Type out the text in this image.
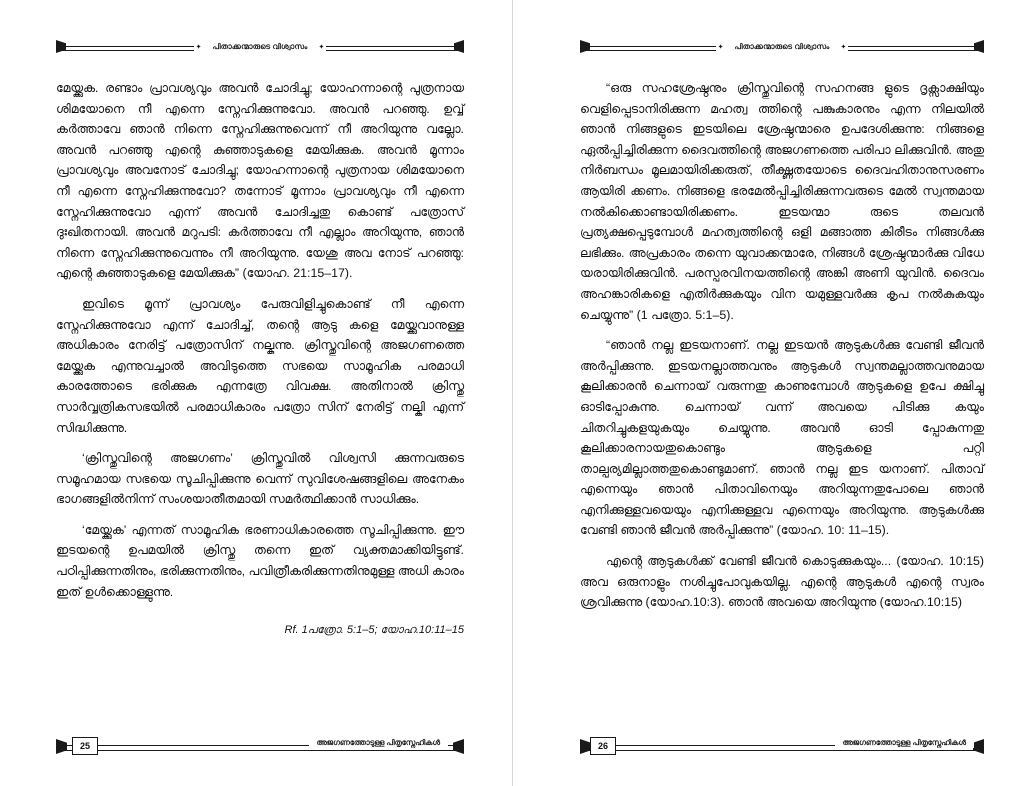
✦	പിതാക്കന്മാരുടെ വിശ്വാസം	✦

മേയ്ക്കുക. രണ്ടാം പ്രാവശ്യവും അവൻ ചോദിച്ചു; യോഹന്നാന്റെ പുത്രനായ ശിമയോനെ നീ എന്നെ സ്നേഹിക്കുന്നുവോ. അവൻ പറഞ്ഞു. ഉവ്വ് കർത്താവേ ഞാൻ നിന്നെ സ്നേഹിക്കുന്നുവെന്ന് നീ അറിയുന്നു വല്ലോ. അവൻ പറഞ്ഞു എന്റെ കുഞ്ഞാടുകളെ മേയിക്കുക. അവൻ മൂന്നാം പ്രാവശ്യവും അവനോട് ചോദിച്ചു; യോഹന്നാന്റെ പുത്രനായ ശിമയോനെ നീ എന്നെ സ്നേഹിക്കുന്നുവോ? തന്നോട് മൂന്നാം പ്രാവശ്യവും നീ എന്നെ സ്നേഹിക്കുന്നുവോ എന്ന് അവൻ ചോദിച്ചതു കൊണ്ട് പത്രോസ് ദുഃഖിതനായി. അവൻ മറുപടി: കർത്താവേ നീ എല്ലാം അറിയുന്നു, ഞാൻ നിന്നെ സ്നേഹിക്കുന്നുവെന്നും നീ അറിയുന്നു. യേശു അവ നോട് പറഞ്ഞു: എന്റെ കുഞ്ഞാടുകളെ മേയിക്കുക” (യോഹ. 21:15–17).

ഇവിടെ മൂന്ന് പ്രാവശ്യം പേരുവിളിച്ചുകൊണ്ട് നീ എന്നെ സ്നേഹിക്കുന്നുവോ എന്ന് ചോദിച്ച്, തന്റെ ആടു കളെ മേയ്ക്കുവാനുള്ള അധികാരം നേരിട്ട് പത്രോസിന് നല്കുന്നു. ക്രിസ്തുവിന്റെ അജഗണത്തെ മേയ്ക്കുക എന്നുവച്ചാൽ അവിടുത്തെ സഭയെ സാമൂഹിക പരമാധി കാരത്തോടെ ഭരിക്കുക എന്നത്രേ വിവക്ഷ. അതിനാൽ ക്രിസ്തു സാർവ്വത്രികസഭയിൽ പരമാധികാരം പത്രോ സിന് നേരിട്ട് നല്കി എന്ന് സിദ്ധിക്കുന്നു.

‘ക്രിസ്തുവിന്റെ അജഗണം’ ക്രിസ്തുവിൽ വിശ്വസി ക്കുന്നവരുടെ സമൂഹമായ സഭയെ സൂചിപ്പിക്കുന്നു വെന്ന് സുവിശേഷങ്ങളിലെ അനേകം ഭാഗങ്ങളിൽനിന്ന് സംശയാതീതമായി സമർത്ഥിക്കാൻ സാധിക്കും.

‘മേയ്ക്കുക’ എന്നത് സാമൂഹിക ഭരണാധികാരത്തെ സൂചിപ്പിക്കുന്നു. ഈ ഇടയന്റെ ഉപമയിൽ ക്രിസ്തു തന്നെ ഇത് വ്യക്തമാക്കിയിട്ടുണ്ട്. പഠിപ്പിക്കുന്നതിനും, ഭരിക്കുന്നതിനും, പവിത്രീകരിക്കുന്നതിനുമുള്ള അധി കാരം ഇത് ഉൾക്കൊള്ളുന്നു.

Rf. 1പത്രോ. 5:1–5; യോഹ.10:11–15
അജഗണത്തോടുള്ള പിതൃസ്നേഹികൾ
25
✦	പിതാക്കന്മാരുടെ വിശ്വാസം	✦

“ഒരു സഹശ്രേഷ്ഠനും ക്രിസ്തുവിന്റെ സഹനങ്ങ ളുടെ ദൃക്സാക്ഷിയും വെളിപ്പെടാനിരിക്കുന്ന മഹത്വ ത്തിന്റെ പങ്കുകാരനും എന്ന നിലയിൽ ഞാൻ നിങ്ങളുടെ ഇടയിലെ ശ്രേഷ്ഠന്മാരെ ഉപദേശിക്കുന്നു: നിങ്ങളെ ഏൽപ്പിച്ചിരിക്കുന്ന ദൈവത്തിന്റെ അജഗണത്തെ പരിപാ ലിക്കുവിൻ. അതു നിർബന്ധം മൂലമായിരിക്കരുത്, തീക്ഷ്ണതയോടെ ദൈവഹിതാനുസരണം ആയിരി ക്കണം. നിങ്ങളെ ഭരമേൽപ്പിച്ചിരിക്കുന്നവരുടെ മേൽ സ്വന്തമായ നൽകിക്കൊണ്ടായിരിക്കണം. ഇടയന്മാ രുടെ തലവൻ പ്രത്യക്ഷപ്പെടുമ്പോൾ മഹത്വത്തിന്റെ ഒളി മങ്ങാത്ത കിരീടം നിങ്ങൾക്കു ലഭിക്കും. അപ്രകാരം തന്നെ യുവാക്കന്മാരേ, നിങ്ങൾ ശ്രേഷ്ഠന്മാർക്കു വിധേ യരായിരിക്കുവിൻ. പരസ്പരവിനയത്തിന്റെ അങ്കി അണി യുവിൻ. ദൈവം അഹങ്കാരികളെ എതിർക്കുകയും വിന യമുള്ളവർക്കു കൃപ നൽകുകയും ചെയ്യുന്നു” (1 പത്രോ. 5:1–5).

“ഞാൻ നല്ല ഇടയനാണ്. നല്ല ഇടയൻ ആടുകൾക്കു വേണ്ടി ജീവൻ അർപ്പിക്കുന്നു. ഇടയനല്ലാത്തവനും ആടുകൾ സ്വന്തമല്ലാത്തവനുമായ കൂലിക്കാരൻ ചെന്നായ് വരുന്നതു കാണുമ്പോൾ ആടുകളെ ഉപേ ക്ഷിച്ചു ഓടിപ്പോകുന്നു. ചെന്നായ് വന്ന് അവയെ പിടിക്കു കയും ചിതറിച്ചുകളയുകയും ചെയ്യുന്നു. അവൻ ഓടി പ്പോകുന്നതു കൂലിക്കാരനായതുകൊണ്ടും ആടുകളെ പറ്റി താല്പര്യമില്ലാത്തതുകൊണ്ടുമാണ്. ഞാൻ നല്ല ഇട യനാണ്. പിതാവ് എന്നെയും ഞാൻ പിതാവിനെയും അറിയുന്നതുപോലെ ഞാൻ എനിക്കുള്ളവയെയും എനിക്കുള്ളവ എന്നെയും അറിയുന്നു. ആടുകൾക്കു വേണ്ടി ഞാൻ ജീവൻ അർപ്പിക്കുന്നു” (യോഹ. 10: 11–15).

എന്റെ ആടുകൾക്ക് വേണ്ടി ജീവൻ കൊടുക്കുകയും... (യോഹ. 10:15) അവ ഒരുനാളും നശിച്ചുപോവുകയില്ല. എന്റെ ആടുകൾ എന്റെ സ്വരം ശ്രവിക്കുന്നു (യോഹ.10:3). ഞാൻ അവയെ അറിയുന്നു (യോഹ.10:15)

26	അജഗണത്തോടുള്ള പിതൃസ്നേഹികൾ
